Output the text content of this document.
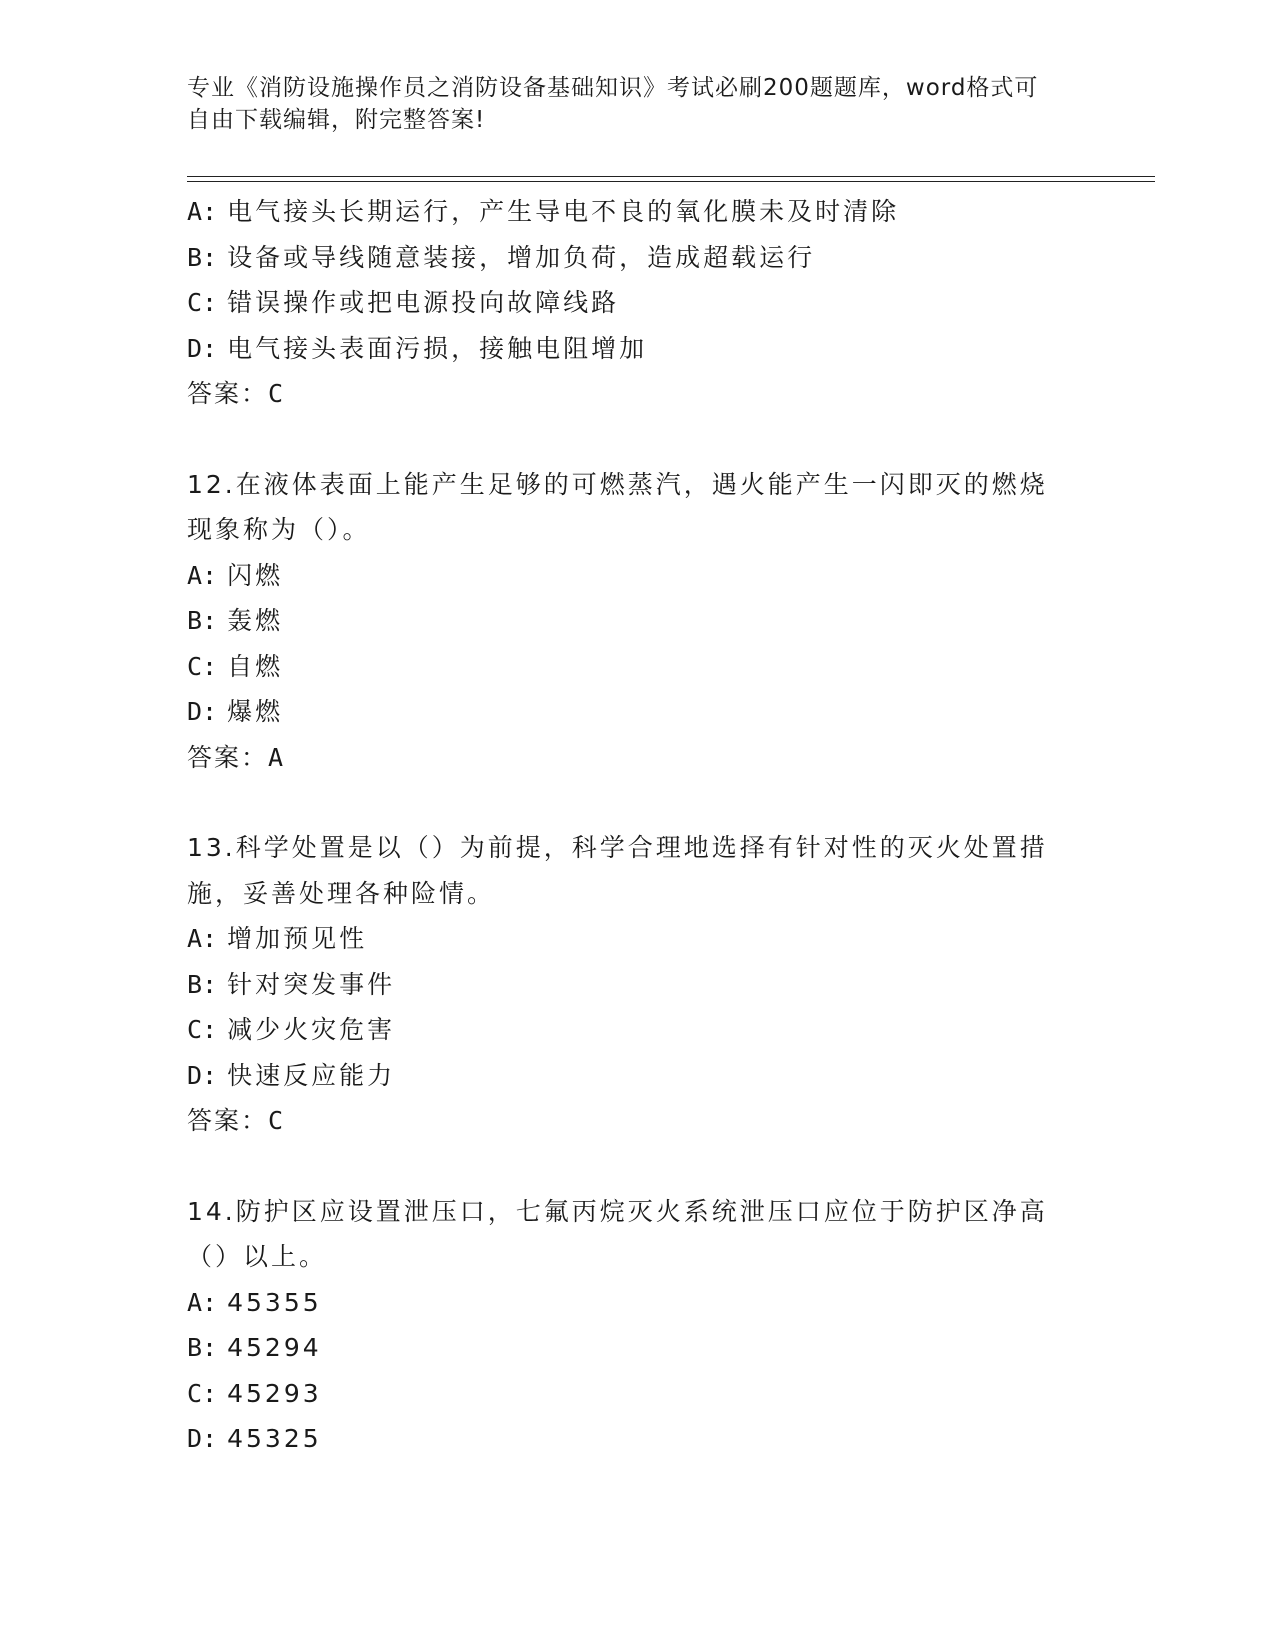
专业《消防设施操作员之消防设备基础知识》考试必刷200题题库，word格式可
自由下载编辑，附完整答案!
A: 电气接头长期运行，产生导电不良的氧化膜未及时清除
B: 设备或导线随意装接，增加负荷，造成超载运行
C: 错误操作或把电源投向故障线路
D: 电气接头表面污损，接触电阻增加
答案：C
12.在液体表面上能产生足够的可燃蒸汽，遇火能产生一闪即灭的燃烧
现象称为（）。
A: 闪燃
B: 轰燃
C: 自燃
D: 爆燃
答案：A
13.科学处置是以（）为前提，科学合理地选择有针对性的灭火处置措
施，妥善处理各种险情。
A: 增加预见性
B: 针对突发事件
C: 减少火灾危害
D: 快速反应能力
答案：C
14.防护区应设置泄压口，七氟丙烷灭火系统泄压口应位于防护区净高
（）以上。
A: 45355
B: 45294
C: 45293
D: 45325
